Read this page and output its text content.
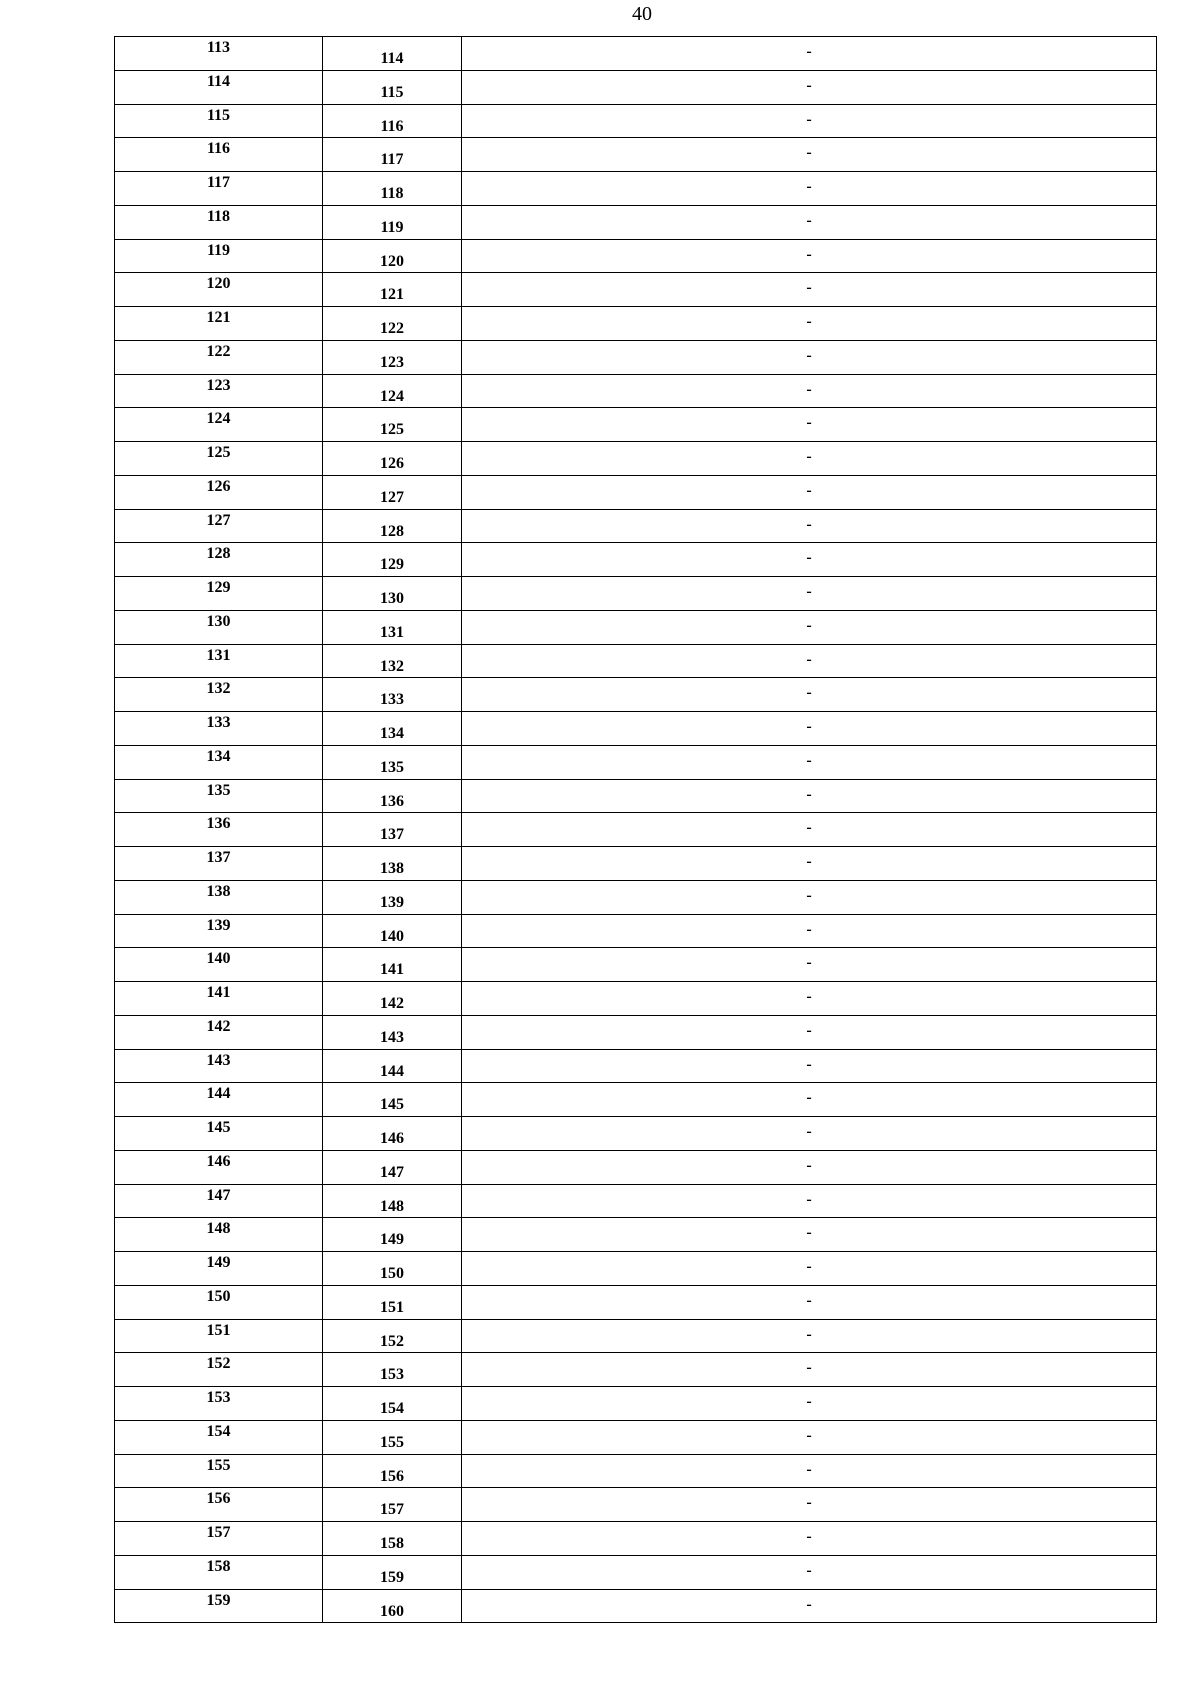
40
113	114	-

114	115	-

115	116	-

116	117	-

117	118	-

118	119	-

119	120	-

120	121	-

121	122	-

122	123	-

123	124	-

124	125	-

125	126	-

126	127	-

127	128	-

128	129	-

129	130	-

130	131	-

131	132	-

132	133	-

133	134	-

134	135	-

135	136	-

136	137	-

137	138	-

138	139	-

139	140	-

140	141	-

141	142	-

142	143	-

143	144	-

144	145	-

145	146	-

146	147	-

147	148	-

148	149	-

149	150	-

150	151	-

151	152	-

152	153	-

153	154	-

154	155	-

155	156	-

156	157	-

157	158	-

158	159	-

159	160	-
